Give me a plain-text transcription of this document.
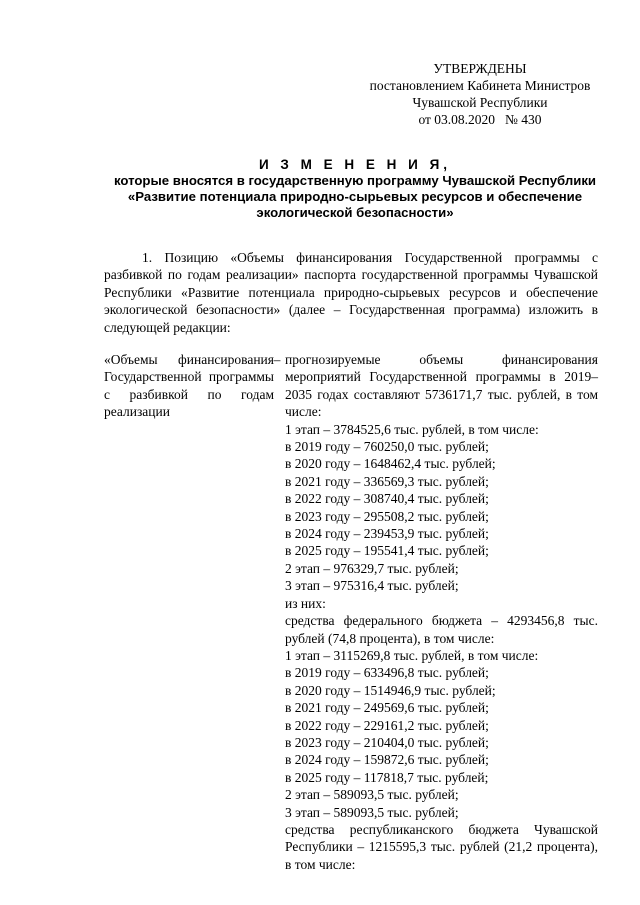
УТВЕРЖДЕНЫ
постановлением Кабинета Министров
Чувашской Республики
от 03.08.2020 № 430
И З М Е Н Е Н И Я,
которые вносятся в государственную программу Чувашской Республики
«Развитие потенциала природно-сырьевых ресурсов и обеспечение
экологической безопасности»

1. Позицию «Объемы финансирования Государственной программы с разбивкой по годам реализации» паспорта государственной программы Чувашской Республики «Развитие потенциала природно-сырьевых ресурсов и обеспечение экологической безопасности» (далее – Государственная программа) изложить в следующей редакции:

«Объемы финансирования Государственной программы с разбивкой по годам реализации
– прогнозируемые объемы финансирования мероприятий Государственной программы в 2019–2035 годах составляют 5736171,7 тыс. рублей, в том числе:
1 этап – 3784525,6 тыс. рублей, в том числе:
в 2019 году – 760250,0 тыс. рублей;
в 2020 году – 1648462,4 тыс. рублей;
в 2021 году – 336569,3 тыс. рублей;
в 2022 году – 308740,4 тыс. рублей;
в 2023 году – 295508,2 тыс. рублей;
в 2024 году – 239453,9 тыс. рублей;
в 2025 году – 195541,4 тыс. рублей;
2 этап – 976329,7 тыс. рублей;
3 этап – 975316,4 тыс. рублей;
из них:
средства федерального бюджета – 4293456,8 тыс. рублей (74,8 процента), в том числе:
1 этап – 3115269,8 тыс. рублей, в том числе:
в 2019 году – 633496,8 тыс. рублей;
в 2020 году – 1514946,9 тыс. рублей;
в 2021 году – 249569,6 тыс. рублей;
в 2022 году – 229161,2 тыс. рублей;
в 2023 году – 210404,0 тыс. рублей;
в 2024 году – 159872,6 тыс. рублей;
в 2025 году – 117818,7 тыс. рублей;
2 этап – 589093,5 тыс. рублей;
3 этап – 589093,5 тыс. рублей;
средства республиканского бюджета Чувашской Республики – 1215595,3 тыс. рублей (21,2 процента), в том числе:
